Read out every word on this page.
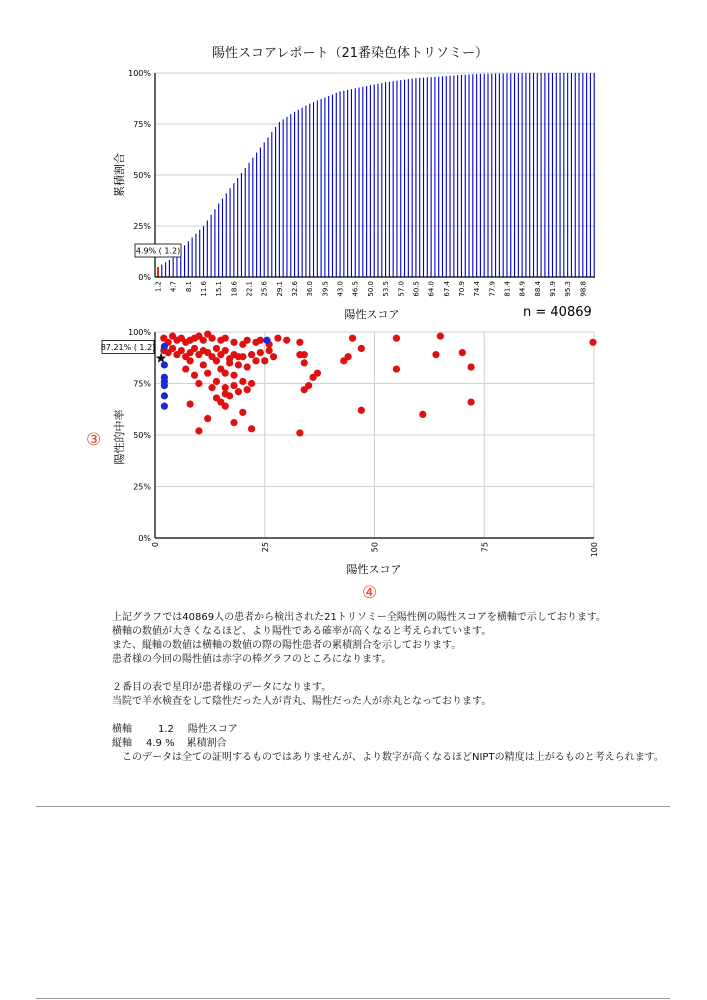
陽性スコアレポート（21番染色体トリソミー）
0%
25%
50%
75%
100%
1.2 4.7 8.1 11.6 15.1 18.6 22.1 25.6 29.1 32.6 36.0 39.5 43.0 46.5 50.0 53.5 57.0 60.5 64.0 67.4 70.9 74.4 77.9 81.4 84.9 88.4 91.9 95.3 98.8
累積割合
陽性スコア	n = 40869
4.9% ( 1.2)
0%
25%
50%
75%
100%
0	25	50	75	100
87.21% ( 1.2)
陽性的中率
陽性スコア
③
④

上記グラフでは40869人の患者から検出された21トリソミー全陽性例の陽性スコアを横軸で示しております。

横軸の数値が大きくなるほど、より陽性である確率が高くなると考えられています。

また、縦軸の数値は横軸の数値の際の陽性患者の累積割合を示しております。

患者様の今回の陽性値は赤字の棒グラフのところになります。

２番目の表で星印が患者様のデータになります。

当院で羊水検査をして陰性だった人が青丸、陽性だった人が赤丸となっております。

横軸	1.2 陽性スコア

縦軸 4.9 % 累積割合

このデータは全ての証明するものではありませんが、より数字が高くなるほどNIPTの精度は上がるものと考えられます。
